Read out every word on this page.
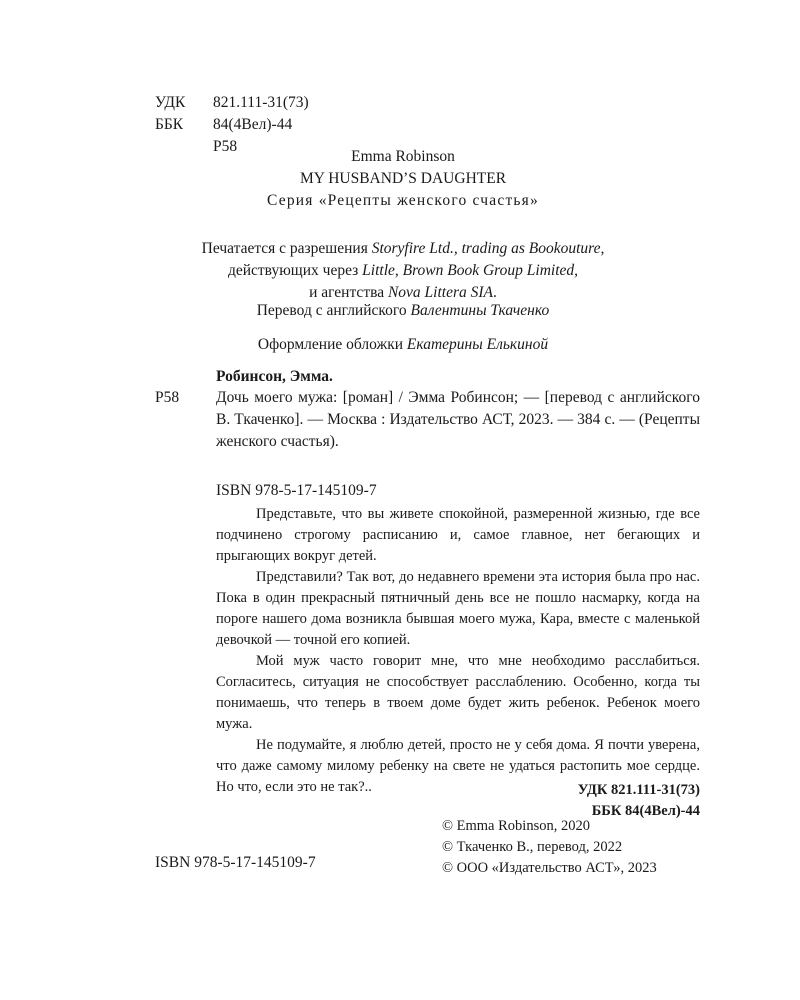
УДК	821.111-31(73)
ББК	84(4Вел)-44
Р58
Emma Robinson
MY HUSBAND’S DAUGHTER
Серия «Рецепты женского счастья»
Печатается с разрешения Storyfire Ltd., trading as Bookouture,
действующих через Little, Brown Book Group Limited,
и агентства Nova Littera SIA.
Перевод с английского Валентины Ткаченко
Оформление обложки Екатерины Елькиной
Робинсон, Эмма.
Р58 Дочь моего мужа: [роман] / Эмма Робинсон; — [перевод с английского В. Ткаченко]. — Москва : Издательство АСТ, 2023. — 384 с. — (Рецепты женского счастья).
ISBN 978-5-17-145109-7

Представьте, что вы живете спокойной, размеренной жизнью, где все подчинено строгому расписанию и, самое главное, нет бегающих и прыгающих вокруг детей.

Представили? Так вот, до недавнего времени эта история была про нас. Пока в один прекрасный пятничный день все не пошло насмарку, когда на пороге нашего дома возникла бывшая моего мужа, Кара, вместе с маленькой девочкой — точной его копией.

Мой муж часто говорит мне, что мне необходимо расслабиться. Согласитесь, ситуация не способствует расслаблению. Особенно, когда ты понимаешь, что теперь в твоем доме будет жить ребенок. Ребенок моего мужа.

Не подумайте, я люблю детей, просто не у себя дома. Я почти уверена, что даже самому милому ребенку на свете не удаться растопить мое сердце. Но что, если это не так?..	УДК 821.111-31(73)
ББК 84(4Вел)-44
© Emma Robinson, 2020
© Ткаченко В., перевод, 2022
© ООО «Издательство АСТ», 2023
ISBN 978-5-17-145109-7
